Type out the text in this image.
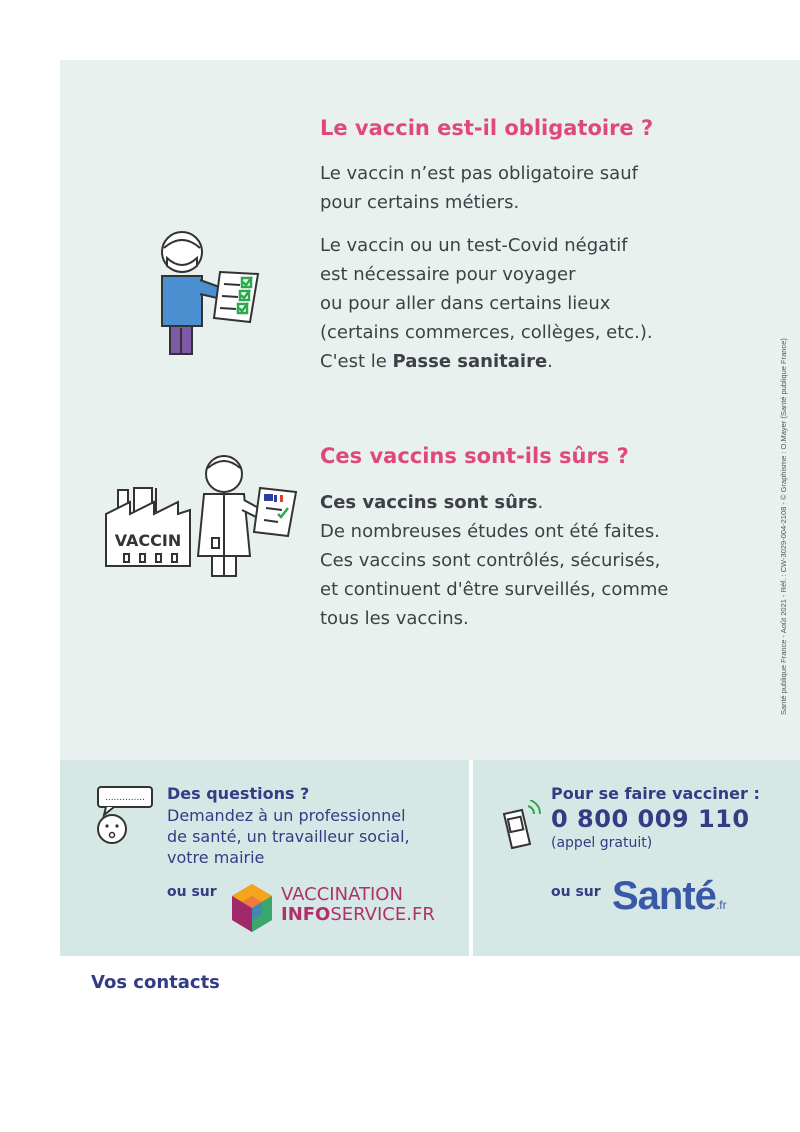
Le vaccin est-il obligatoire ?
Le vaccin n’est pas obligatoire sauf
pour certains métiers.
Le vaccin ou un test-Covid négatif
est nécessaire pour voyager
ou pour aller dans certains lieux
(certains commerces, collèges, etc.).
C'est le Passe sanitaire.
Ces vaccins sont-ils sûrs ?
Ces vaccins sont sûrs.
De nombreuses études ont été faites.
Ces vaccins sont contrôlés, sécurisés,
et continuent d'être surveillés, comme
tous les vaccins.
VACCIN	Santé publique France - Août 2021 - Réf. : CW-3029-004-2108 - © Graphisme : O.Mayer (Santé publique France)
.............. Des questions ?
Demandez à un professionnel
de santé, un travailleur social,
votre mairie
ou sur	VACCINATION
INFOSERVICE.FR
Pour se faire vacciner :
0 800 009 110
(appel gratuit)
ou sur Santé.fr
Vos contacts
